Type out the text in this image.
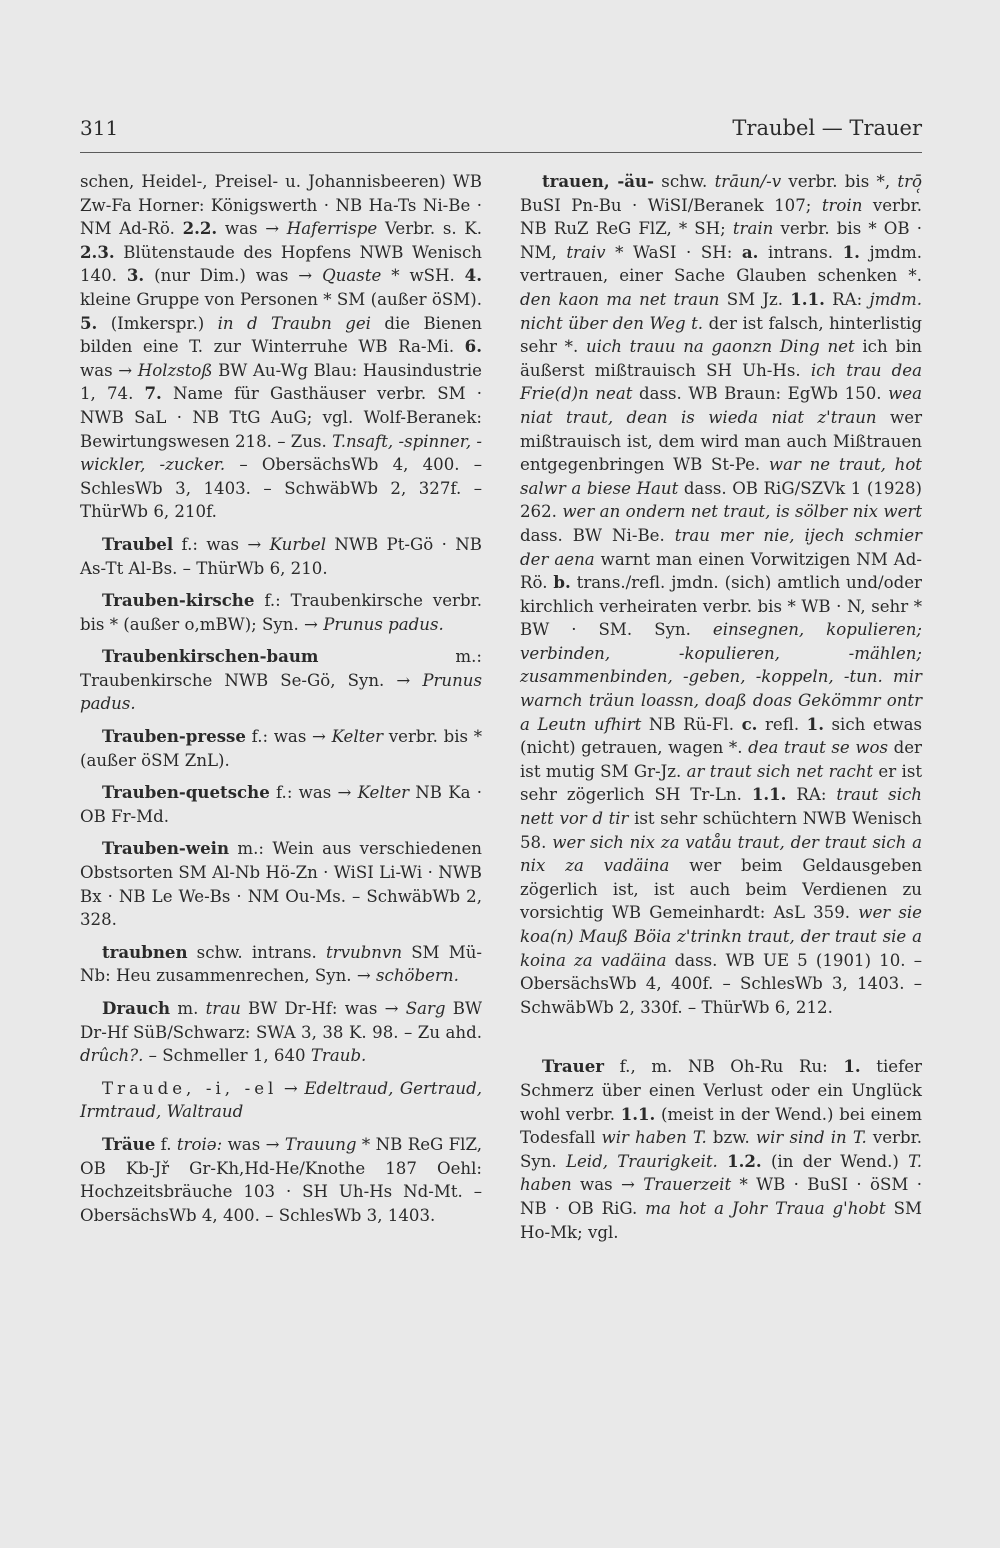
311	Traubel — Trauer

schen, Heidel-, Preisel- u. Johannisbeeren) WB Zw-Fa Horner: Königswerth · NB Ha-Ts Ni-Be · NM Ad-Rö. 2.2. was → Haferrispe Verbr. s. K. 2.3. Blütenstaude des Hopfens NWB Wenisch 140. 3. (nur Dim.) was → Quaste * wSH. 4. kleine Gruppe von Personen * SM (außer öSM). 5. (Imkerspr.) in d Traubn gei die Bienen bilden eine T. zur Winterruhe WB Ra-Mi. 6. was → Holzstoß BW Au-Wg Blau: Hausindustrie 1, 74. 7. Name für Gasthäuser verbr. SM · NWB SaL · NB TtG AuG; vgl. Wolf-Beranek: Bewirtungswesen 218. – Zus. T.nsaft, -spinner, -wickler, -zucker. – ObersächsWb 4, 400. – SchlesWb 3, 1403. – SchwäbWb 2, 327f. – ThürWb 6, 210f.

Traubel f.: was → Kurbel NWB Pt-Gö · NB As-Tt Al-Bs. – ThürWb 6, 210.

Trauben-kirsche f.: Traubenkirsche verbr. bis * (außer o,mBW); Syn. → Prunus padus.

Traubenkirschen-baum m.: Traubenkirsche NWB Se-Gö, Syn. → Prunus padus.

Trauben-presse f.: was → Kelter verbr. bis * (außer öSM ZnL).

Trauben-quetsche f.: was → Kelter NB Ka · OB Fr-Md.

Trauben-wein m.: Wein aus verschiedenen Obstsorten SM Al-Nb Hö-Zn · WiSI Li-Wi · NWB Bx · NB Le We-Bs · NM Ou-Ms. – SchwäbWb 2, 328.

traubnen schw. intrans. trvubnvn SM Mü-Nb: Heu zusammenrechen, Syn. → schöbern.

Drauch m. trau BW Dr-Hf: was → Sarg BW Dr-Hf SüB/Schwarz: SWA 3, 38 K. 98. – Zu ahd. drûch?. – Schmeller 1, 640 Traub.

Traude, -i, -el → Edeltraud, Gertraud, Irmtraud, Waltraud

Träue f. troiә: was → Trauung * NB ReG FlZ, OB Kb-Jř Gr-Kh,Hd-He/Knothe 187 Oehl: Hochzeitsbräuche 103 · SH Uh-Hs Nd-Mt. – ObersächsWb 4, 400. – SchlesWb 3, 1403.

trauen, -äu- schw. trāun/-v verbr. bis *, trō̜ BuSI Pn-Bu · WiSI/Beranek 107; troin verbr. NB RuZ ReG FlZ, * SH; train verbr. bis * OB · NM, traiv * WaSI · SH: a. intrans. 1. jmdm. vertrauen, einer Sache Glauben schenken *. den kaon ma net traun SM Jz. 1.1. RA: jmdm. nicht über den Weg t. der ist falsch, hinterlistig sehr *. uich trauu na gaonzn Ding net ich bin äußerst mißtrauisch SH Uh-Hs. ich trau dea Frie(d)n neat dass. WB Braun: EgWb 150. wea niat traut, dean is wieda niat z'traun wer mißtrauisch ist, dem wird man auch Mißtrauen entgegenbringen WB St-Pe. war ne traut, hot salwr a biese Haut dass. OB RiG/SZVk 1 (1928) 262. wer an ondern net traut, is sölber nix wert dass. BW Ni-Be. trau mer nie, ijech schmier der aena warnt man einen Vorwitzigen NM Ad-Rö. b. trans./refl. jmdn. (sich) amtlich und/oder kirchlich verheiraten verbr. bis * WB · N, sehr * BW · SM. Syn. einsegnen, kopulieren; verbinden, -kopulieren, -mählen; zusammenbinden, -geben, -koppeln, -tun. mir warnch träun loassn, doaß doas Gekömmr ontr a Leutn ufhirt NB Rü-Fl. c. refl. 1. sich etwas (nicht) getrauen, wagen *. dea traut se wos der ist mutig SM Gr-Jz. ar traut sich net racht er ist sehr zögerlich SH Tr-Ln. 1.1. RA: traut sich nett vor d tir ist sehr schüchtern NWB Wenisch 58. wer sich nix za vatåu traut, der traut sich a nix za vadäina wer beim Geldausgeben zögerlich ist, ist auch beim Verdienen zu vorsichtig WB Gemeinhardt: AsL 359. wer sie koa(n) Mauß Böia z'trinkn traut, der traut sie a koina za vadäina dass. WB UE 5 (1901) 10. – ObersächsWb 4, 400f. – SchlesWb 3, 1403. – SchwäbWb 2, 330f. – ThürWb 6, 212.

Trauer f., m. NB Oh-Ru Ru: 1. tiefer Schmerz über einen Verlust oder ein Unglück wohl verbr. 1.1. (meist in der Wend.) bei einem Todesfall wir haben T. bzw. wir sind in T. verbr. Syn. Leid, Traurigkeit. 1.2. (in der Wend.) T. haben was → Trauerzeit * WB · BuSI · öSM · NB · OB RiG. ma hot a Johr Traua g'hobt SM Ho-Mk; vgl.
